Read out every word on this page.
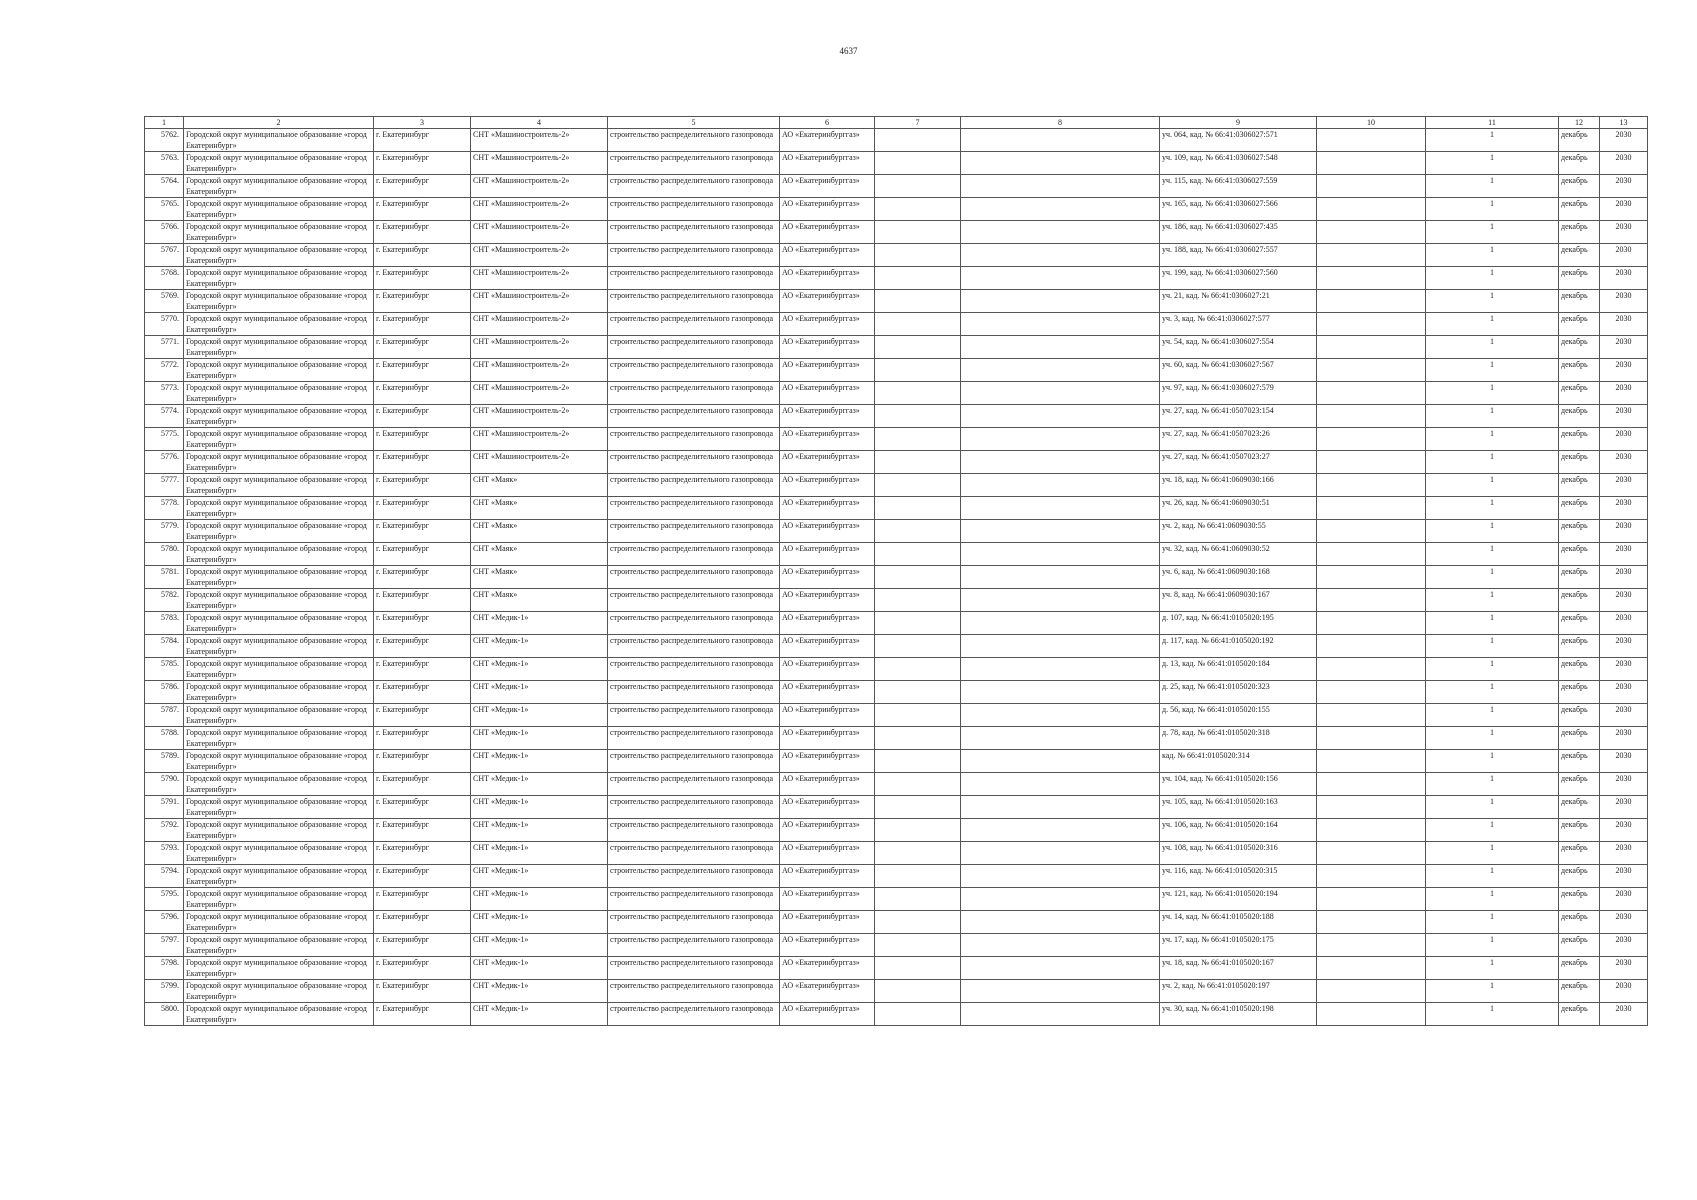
4637
1	2	3	4	5	6	7	8	9	10	11	12	13
5762.	Городской округ муниципальное образование «город Екатеринбург»	г. Екатеринбург	СНТ «Машиностроитель-2»	строительство распределительного газопровода	АО «Екатеринбурггаз»			уч. 064, кад. № 66:41:0306027:571		1	декабрь	2030
5763.	Городской округ муниципальное образование «город Екатеринбург»	г. Екатеринбург	СНТ «Машиностроитель-2»	строительство распределительного газопровода	АО «Екатеринбурггаз»			уч. 109, кад. № 66:41:0306027:548		1	декабрь	2030
5764.	Городской округ муниципальное образование «город Екатеринбург»	г. Екатеринбург	СНТ «Машиностроитель-2»	строительство распределительного газопровода	АО «Екатеринбурггаз»			уч. 115, кад. № 66:41:0306027:559		1	декабрь	2030
5765.	Городской округ муниципальное образование «город Екатеринбург»	г. Екатеринбург	СНТ «Машиностроитель-2»	строительство распределительного газопровода	АО «Екатеринбурггаз»			уч. 165, кад. № 66:41:0306027:566		1	декабрь	2030
5766.	Городской округ муниципальное образование «город Екатеринбург»	г. Екатеринбург	СНТ «Машиностроитель-2»	строительство распределительного газопровода	АО «Екатеринбурггаз»			уч. 186, кад. № 66:41:0306027:435		1	декабрь	2030
5767.	Городской округ муниципальное образование «город Екатеринбург»	г. Екатеринбург	СНТ «Машиностроитель-2»	строительство распределительного газопровода	АО «Екатеринбурггаз»			уч. 188, кад. № 66:41:0306027:557		1	декабрь	2030
5768.	Городской округ муниципальное образование «город Екатеринбург»	г. Екатеринбург	СНТ «Машиностроитель-2»	строительство распределительного газопровода	АО «Екатеринбурггаз»			уч. 199, кад. № 66:41:0306027:560		1	декабрь	2030
5769.	Городской округ муниципальное образование «город Екатеринбург»	г. Екатеринбург	СНТ «Машиностроитель-2»	строительство распределительного газопровода	АО «Екатеринбурггаз»			уч. 21, кад. № 66:41:0306027:21		1	декабрь	2030
5770.	Городской округ муниципальное образование «город Екатеринбург»	г. Екатеринбург	СНТ «Машиностроитель-2»	строительство распределительного газопровода	АО «Екатеринбурггаз»			уч. 3, кад. № 66:41:0306027:577		1	декабрь	2030
5771.	Городской округ муниципальное образование «город Екатеринбург»	г. Екатеринбург	СНТ «Машиностроитель-2»	строительство распределительного газопровода	АО «Екатеринбурггаз»			уч. 54, кад. № 66:41:0306027:554		1	декабрь	2030
5772.	Городской округ муниципальное образование «город Екатеринбург»	г. Екатеринбург	СНТ «Машиностроитель-2»	строительство распределительного газопровода	АО «Екатеринбурггаз»			уч. 60, кад. № 66:41:0306027:567		1	декабрь	2030
5773.	Городской округ муниципальное образование «город Екатеринбург»	г. Екатеринбург	СНТ «Машиностроитель-2»	строительство распределительного газопровода	АО «Екатеринбурггаз»			уч. 97, кад. № 66:41:0306027:579		1	декабрь	2030
5774.	Городской округ муниципальное образование «город Екатеринбург»	г. Екатеринбург	СНТ «Машиностроитель-2»	строительство распределительного газопровода	АО «Екатеринбурггаз»			уч. 27, кад. № 66:41:0507023:154		1	декабрь	2030
5775.	Городской округ муниципальное образование «город Екатеринбург»	г. Екатеринбург	СНТ «Машиностроитель-2»	строительство распределительного газопровода	АО «Екатеринбурггаз»			уч. 27, кад. № 66:41:0507023:26		1	декабрь	2030
5776.	Городской округ муниципальное образование «город Екатеринбург»	г. Екатеринбург	СНТ «Машиностроитель-2»	строительство распределительного газопровода	АО «Екатеринбурггаз»			уч. 27, кад. № 66:41:0507023:27		1	декабрь	2030
5777.	Городской округ муниципальное образование «город Екатеринбург»	г. Екатеринбург	СНТ «Маяк»	строительство распределительного газопровода	АО «Екатеринбурггаз»			уч. 18, кад. № 66:41:0609030:166		1	декабрь	2030
5778.	Городской округ муниципальное образование «город Екатеринбург»	г. Екатеринбург	СНТ «Маяк»	строительство распределительного газопровода	АО «Екатеринбурггаз»			уч. 26, кад. № 66:41:0609030:51		1	декабрь	2030
5779.	Городской округ муниципальное образование «город Екатеринбург»	г. Екатеринбург	СНТ «Маяк»	строительство распределительного газопровода	АО «Екатеринбурггаз»			уч. 2, кад. № 66:41:0609030:55		1	декабрь	2030
5780.	Городской округ муниципальное образование «город Екатеринбург»	г. Екатеринбург	СНТ «Маяк»	строительство распределительного газопровода	АО «Екатеринбурггаз»			уч. 32, кад. № 66:41:0609030:52		1	декабрь	2030
5781.	Городской округ муниципальное образование «город Екатеринбург»	г. Екатеринбург	СНТ «Маяк»	строительство распределительного газопровода	АО «Екатеринбурггаз»			уч. 6, кад. № 66:41:0609030:168		1	декабрь	2030
5782.	Городской округ муниципальное образование «город Екатеринбург»	г. Екатеринбург	СНТ «Маяк»	строительство распределительного газопровода	АО «Екатеринбурггаз»			уч. 8, кад. № 66:41:0609030:167		1	декабрь	2030
5783.	Городской округ муниципальное образование «город Екатеринбург»	г. Екатеринбург	СНТ «Медик-1»	строительство распределительного газопровода	АО «Екатеринбурггаз»			д. 107, кад. № 66:41:0105020:195		1	декабрь	2030
5784.	Городской округ муниципальное образование «город Екатеринбург»	г. Екатеринбург	СНТ «Медик-1»	строительство распределительного газопровода	АО «Екатеринбурггаз»			д. 117, кад. № 66:41:0105020:192		1	декабрь	2030
5785.	Городской округ муниципальное образование «город Екатеринбург»	г. Екатеринбург	СНТ «Медик-1»	строительство распределительного газопровода	АО «Екатеринбурггаз»			д. 13, кад. № 66:41:0105020:184		1	декабрь	2030
5786.	Городской округ муниципальное образование «город Екатеринбург»	г. Екатеринбург	СНТ «Медик-1»	строительство распределительного газопровода	АО «Екатеринбурггаз»			д. 25, кад. № 66:41:0105020:323		1	декабрь	2030
5787.	Городской округ муниципальное образование «город Екатеринбург»	г. Екатеринбург	СНТ «Медик-1»	строительство распределительного газопровода	АО «Екатеринбурггаз»			д. 56, кад. № 66:41:0105020:155		1	декабрь	2030
5788.	Городской округ муниципальное образование «город Екатеринбург»	г. Екатеринбург	СНТ «Медик-1»	строительство распределительного газопровода	АО «Екатеринбурггаз»			д. 78, кад. № 66:41:0105020:318		1	декабрь	2030
5789.	Городской округ муниципальное образование «город Екатеринбург»	г. Екатеринбург	СНТ «Медик-1»	строительство распределительного газопровода	АО «Екатеринбурггаз»			кад. № 66:41:0105020:314		1	декабрь	2030
5790.	Городской округ муниципальное образование «город Екатеринбург»	г. Екатеринбург	СНТ «Медик-1»	строительство распределительного газопровода	АО «Екатеринбурггаз»			уч. 104, кад. № 66:41:0105020:156		1	декабрь	2030
5791.	Городской округ муниципальное образование «город Екатеринбург»	г. Екатеринбург	СНТ «Медик-1»	строительство распределительного газопровода	АО «Екатеринбурггаз»			уч. 105, кад. № 66:41:0105020:163		1	декабрь	2030
5792.	Городской округ муниципальное образование «город Екатеринбург»	г. Екатеринбург	СНТ «Медик-1»	строительство распределительного газопровода	АО «Екатеринбурггаз»			уч. 106, кад. № 66:41:0105020:164		1	декабрь	2030
5793.	Городской округ муниципальное образование «город Екатеринбург»	г. Екатеринбург	СНТ «Медик-1»	строительство распределительного газопровода	АО «Екатеринбурггаз»			уч. 108, кад. № 66:41:0105020:316		1	декабрь	2030
5794.	Городской округ муниципальное образование «город Екатеринбург»	г. Екатеринбург	СНТ «Медик-1»	строительство распределительного газопровода	АО «Екатеринбурггаз»			уч. 116, кад. № 66:41:0105020:315		1	декабрь	2030
5795.	Городской округ муниципальное образование «город Екатеринбург»	г. Екатеринбург	СНТ «Медик-1»	строительство распределительного газопровода	АО «Екатеринбурггаз»			уч. 121, кад. № 66:41:0105020:194		1	декабрь	2030
5796.	Городской округ муниципальное образование «город Екатеринбург»	г. Екатеринбург	СНТ «Медик-1»	строительство распределительного газопровода	АО «Екатеринбурггаз»			уч. 14, кад. № 66:41:0105020:188		1	декабрь	2030
5797.	Городской округ муниципальное образование «город Екатеринбург»	г. Екатеринбург	СНТ «Медик-1»	строительство распределительного газопровода	АО «Екатеринбурггаз»			уч. 17, кад. № 66:41:0105020:175		1	декабрь	2030
5798.	Городской округ муниципальное образование «город Екатеринбург»	г. Екатеринбург	СНТ «Медик-1»	строительство распределительного газопровода	АО «Екатеринбурггаз»			уч. 18, кад. № 66:41:0105020:167		1	декабрь	2030
5799.	Городской округ муниципальное образование «город Екатеринбург»	г. Екатеринбург	СНТ «Медик-1»	строительство распределительного газопровода	АО «Екатеринбурггаз»			уч. 2, кад. № 66:41:0105020:197		1	декабрь	2030
5800.	Городской округ муниципальное образование «город Екатеринбург»	г. Екатеринбург	СНТ «Медик-1»	строительство распределительного газопровода	АО «Екатеринбурггаз»			уч. 30, кад. № 66:41:0105020:198		1	декабрь	2030
